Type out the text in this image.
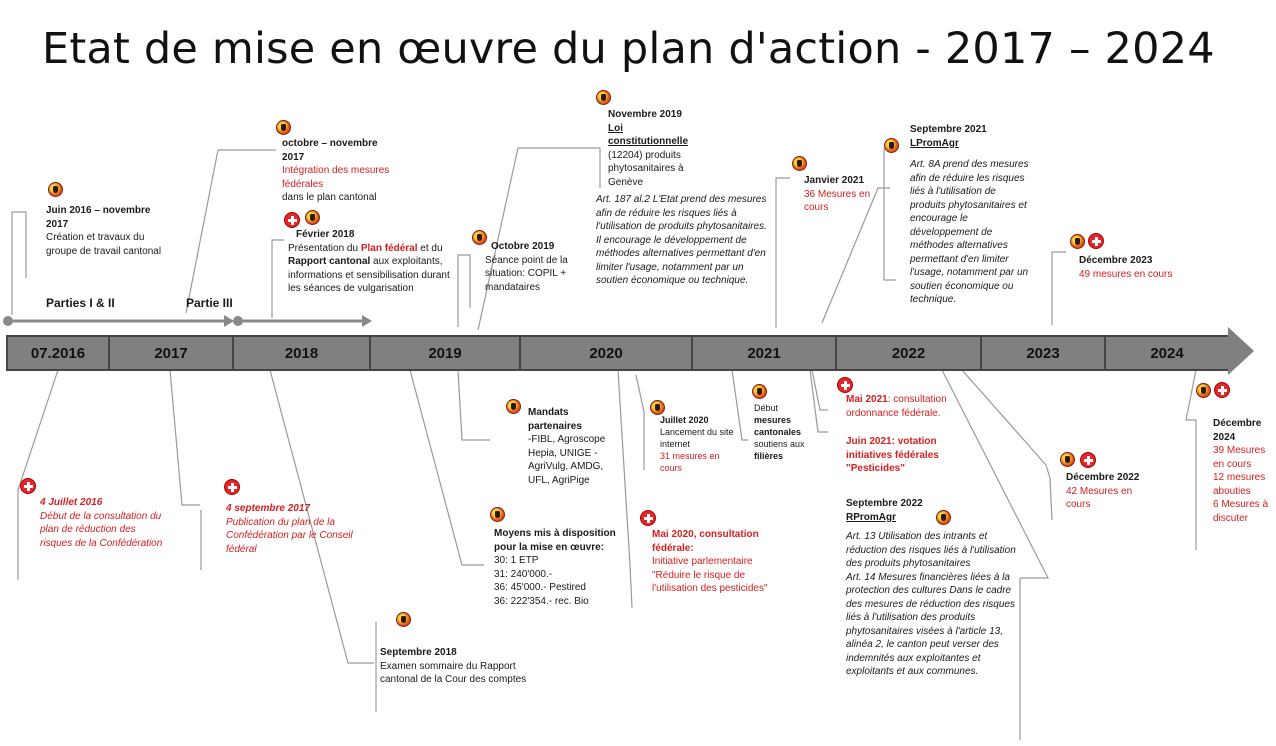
Etat de mise en œuvre du plan d'action - 2017 – 2024
07.2016	2017	2018	2019	2020	2021	2022	2023	2024
Parties I & II	Partie III
Juin 2016 – novembre 2017
Création et travaux du groupe de travail cantonal
octobre – novembre 2017
Intégration des mesures fédérales
dans le plan cantonal
Février 2018
Présentation du Plan fédéral et du Rapport cantonal aux exploitants, informations et sensibilisation durant les séances de vulgarisation
Octobre 2019
Séance point de la situation: COPIL + mandataires
Novembre 2019
Loi constitutionnelle
(12204) produits phytosanitaires à Genève
Art. 187 al.2 L'Etat prend des mesures afin de réduire les risques liés à l'utilisation de produits phytosanitaires. Il encourage le développement de méthodes alternatives permettant d'en limiter l'usage, notamment par un soutien économique ou technique.
Janvier 2021
36 Mesures en cours
Septembre 2021
LPromAgr
Art. 8A prend des mesures afin de réduire les risques liés à l'utilisation de produits phytosanitaires et encourage le développement de méthodes alternatives permettant d'en limiter l'usage, notamment par un soutien économique ou technique.
Décembre 2023
49 mesures en cours
4 Juillet 2016
Début de la consultation du plan de réduction des risques de la Confédération
4 septembre 2017
Publication du plan de la Confédération par le Conseil fédéral
Septembre 2018
Examen sommaire du Rapport cantonal de la Cour des comptes
Mandats partenaires
-FIBL, Agroscope Hepia, UNIGE -AgriVulg, AMDG, UFL, AgriPige
Moyens mis à disposition pour la mise en œuvre:
30: 1 ETP
31: 240'000.-
36: 45'000.- Pestired
36: 222'354.- rec. Bio
Juillet 2020
Lancement du site internet
31 mesures en cours
Mai 2020, consultation fédérale:
Initiative parlementaire "Réduire le risque de l'utilisation des pesticides"
Début
mesures cantonales
soutiens aux
filières
Mai 2021: consultation ordonnance fédérale.
Juin 2021: votation initiatives fédérales "Pesticides"
Septembre 2022
RPromAgr
Art. 13 Utilisation des intrants et réduction des risques liés à l'utilisation des produits phytosanitaires
Art. 14 Mesures financières liées à la protection des cultures Dans le cadre des mesures de réduction des risques liés à l'utilisation des produits phytosanitaires visées à l'article 13, alinéa 2, le canton peut verser des indemnités aux exploitantes et exploitants et aux communes.
Décembre 2022
42 Mesures en cours
Décembre 2024
39 Mesures en cours
12 mesures abouties
6 Mesures à discuter
